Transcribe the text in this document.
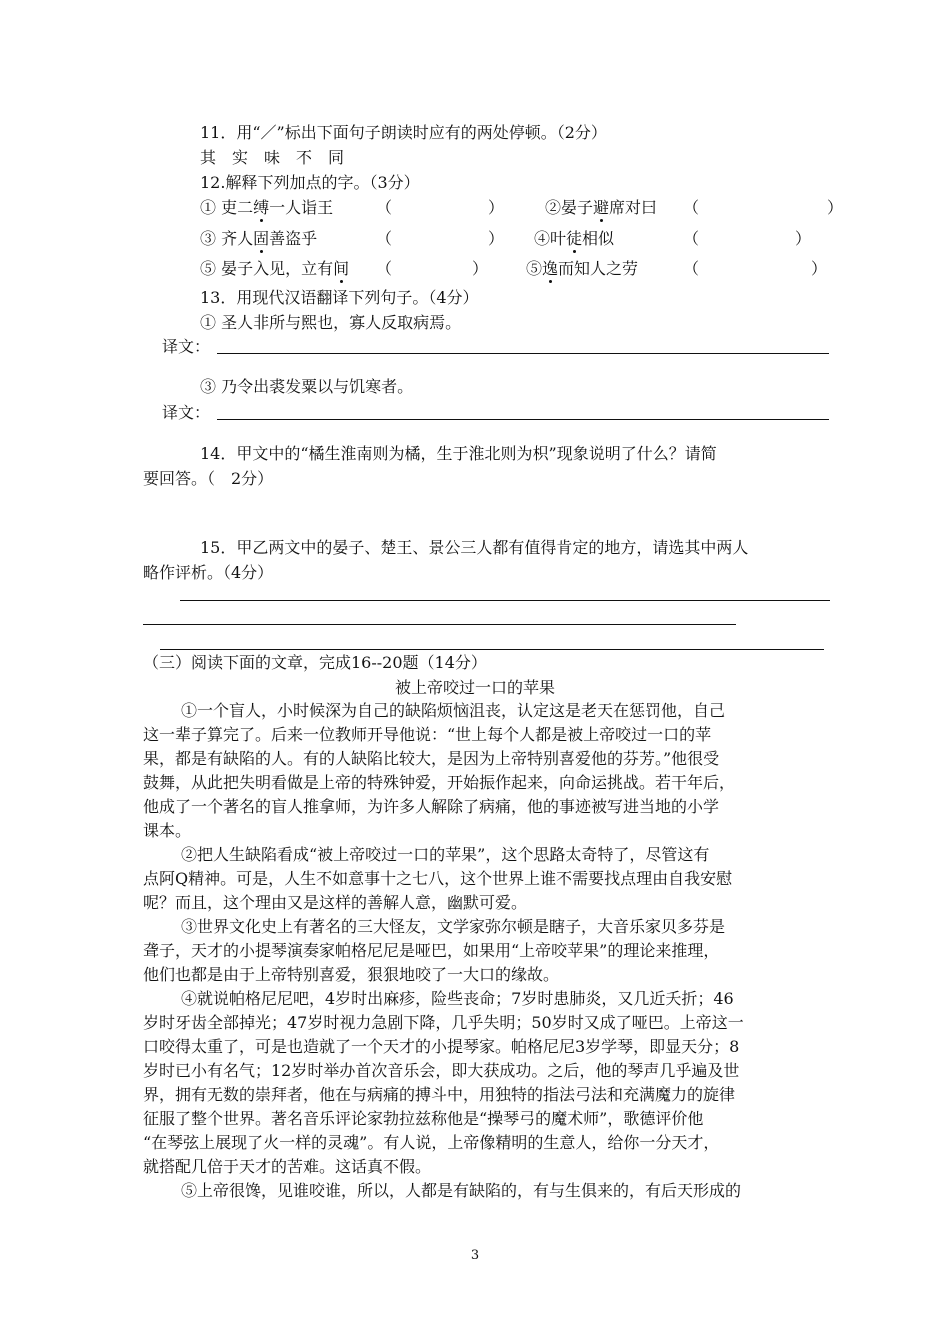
11．用“／”标出下面句子朗读时应有的两处停顿。（2分）
其　实　味　不　同
12.解释下列加点的字。（3分）
① 吏二缚一人诣王	（　　　　　　）	②晏子避席对曰 （　　　　　　　　）
③ 齐人固善盗乎	（　　　　　　） ④叶徒相似	（　　　　　　）
⑤ 晏子入见，立有间 （　　　　　） ⑤逸而知人之劳	（　　　　　　　）
13．用现代汉语翻译下列句子。（4分）
① 圣人非所与熙也，寡人反取病焉。
译文：
③ 乃令出裘发粟以与饥寒者。
译文：
14．甲文中的“橘生淮南则为橘，生于淮北则为枳”现象说明了什么？请简
要回答。（　2分）
15．甲乙两文中的晏子、楚王、景公三人都有值得肯定的地方，请选其中两人
略作评析。（4分）
（三）阅读下面的文章，完成16--20题（14分）
被上帝咬过一口的苹果
①一个盲人，小时候深为自己的缺陷烦恼沮丧，认定这是老天在惩罚他，自己
这一辈子算完了。后来一位教师开导他说：“世上每个人都是被上帝咬过一口的苹
果，都是有缺陷的人。有的人缺陷比较大，是因为上帝特别喜爱他的芬芳。”他很受
鼓舞，从此把失明看做是上帝的特殊钟爱，开始振作起来，向命运挑战。若干年后，
他成了一个著名的盲人推拿师，为许多人解除了病痛，他的事迹被写进当地的小学
课本。
②把人生缺陷看成“被上帝咬过一口的苹果”，这个思路太奇特了，尽管这有
点阿Q精神。可是，人生不如意事十之七八，这个世界上谁不需要找点理由自我安慰
呢？而且，这个理由又是这样的善解人意，幽默可爱。
③世界文化史上有著名的三大怪友，文学家弥尔顿是瞎子，大音乐家贝多芬是
聋子，天才的小提琴演奏家帕格尼尼是哑巴，如果用“上帝咬苹果”的理论来推理，
他们也都是由于上帝特别喜爱，狠狠地咬了一大口的缘故。
④就说帕格尼尼吧，4岁时出麻疹，险些丧命；7岁时患肺炎，又几近夭折；46
岁时牙齿全部掉光；47岁时视力急剧下降，几乎失明；50岁时又成了哑巴。上帝这一
口咬得太重了，可是也造就了一个天才的小提琴家。帕格尼尼3岁学琴，即显天分；8
岁时已小有名气；12岁时举办首次音乐会，即大获成功。之后，他的琴声几乎遍及世
界，拥有无数的崇拜者，他在与病痛的搏斗中，用独特的指法弓法和充满魔力的旋律
征服了整个世界。著名音乐评论家勃拉兹称他是“操琴弓的魔术师”，歌德评价他
“在琴弦上展现了火一样的灵魂”。有人说，上帝像精明的生意人，给你一分天才，
就搭配几倍于天才的苦难。这话真不假。
⑤上帝很馋，见谁咬谁，所以，人都是有缺陷的，有与生俱来的，有后天形成的
3
